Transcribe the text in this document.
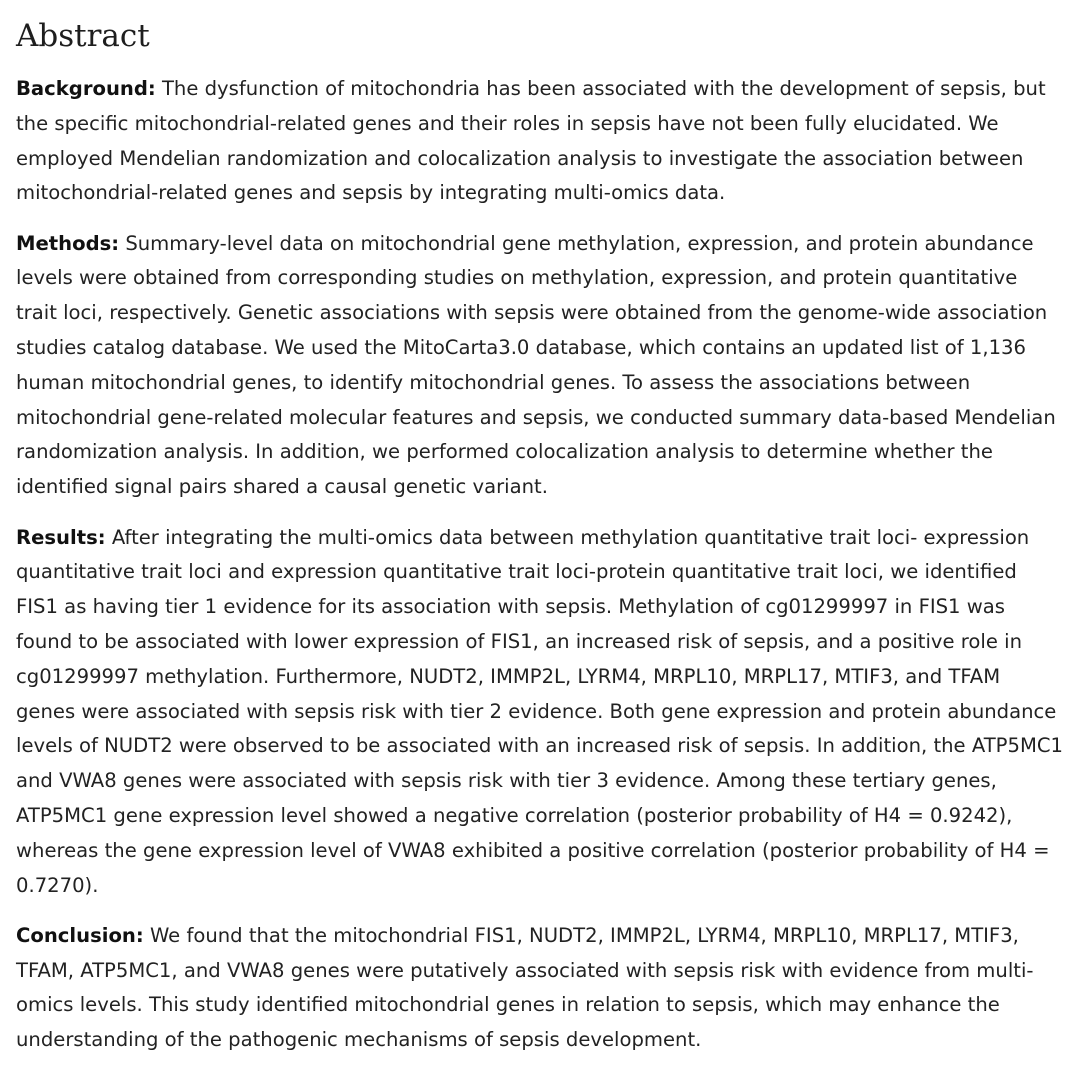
Abstract

Background: The dysfunction of mitochondria has been associated with the development of sepsis, but the specific mitochondrial-related genes and their roles in sepsis have not been fully elucidated. We employed Mendelian randomization and colocalization analysis to investigate the association between mitochondrial-related genes and sepsis by integrating multi-omics data.

Methods: Summary-level data on mitochondrial gene methylation, expression, and protein abundance levels were obtained from corresponding studies on methylation, expression, and protein quantitative trait loci, respectively. Genetic associations with sepsis were obtained from the genome-wide association studies catalog database. We used the MitoCarta3.0 database, which contains an updated list of 1,136 human mitochondrial genes, to identify mitochondrial genes. To assess the associations between mitochondrial gene-related molecular features and sepsis, we conducted summary data-based Mendelian randomization analysis. In addition, we performed colocalization analysis to determine whether the identified signal pairs shared a causal genetic variant.

Results: After integrating the multi-omics data between methylation quantitative trait loci- expression quantitative trait loci and expression quantitative trait loci-protein quantitative trait loci, we identified FIS1 as having tier 1 evidence for its association with sepsis. Methylation of cg01299997 in FIS1 was found to be associated with lower expression of FIS1, an increased risk of sepsis, and a positive role in cg01299997 methylation. Furthermore, NUDT2, IMMP2L, LYRM4, MRPL10, MRPL17, MTIF3, and TFAM genes were associated with sepsis risk with tier 2 evidence. Both gene expression and protein abundance levels of NUDT2 were observed to be associated with an increased risk of sepsis. In addition, the ATP5MC1 and VWA8 genes were associated with sepsis risk with tier 3 evidence. Among these tertiary genes, ATP5MC1 gene expression level showed a negative correlation (posterior probability of H4 = 0.9242), whereas the gene expression level of VWA8 exhibited a positive correlation (posterior probability of H4 = 0.7270).

Conclusion: We found that the mitochondrial FIS1, NUDT2, IMMP2L, LYRM4, MRPL10, MRPL17, MTIF3, TFAM, ATP5MC1, and VWA8 genes were putatively associated with sepsis risk with evidence from multi-omics levels. This study identified mitochondrial genes in relation to sepsis, which may enhance the understanding of the pathogenic mechanisms of sepsis development.
